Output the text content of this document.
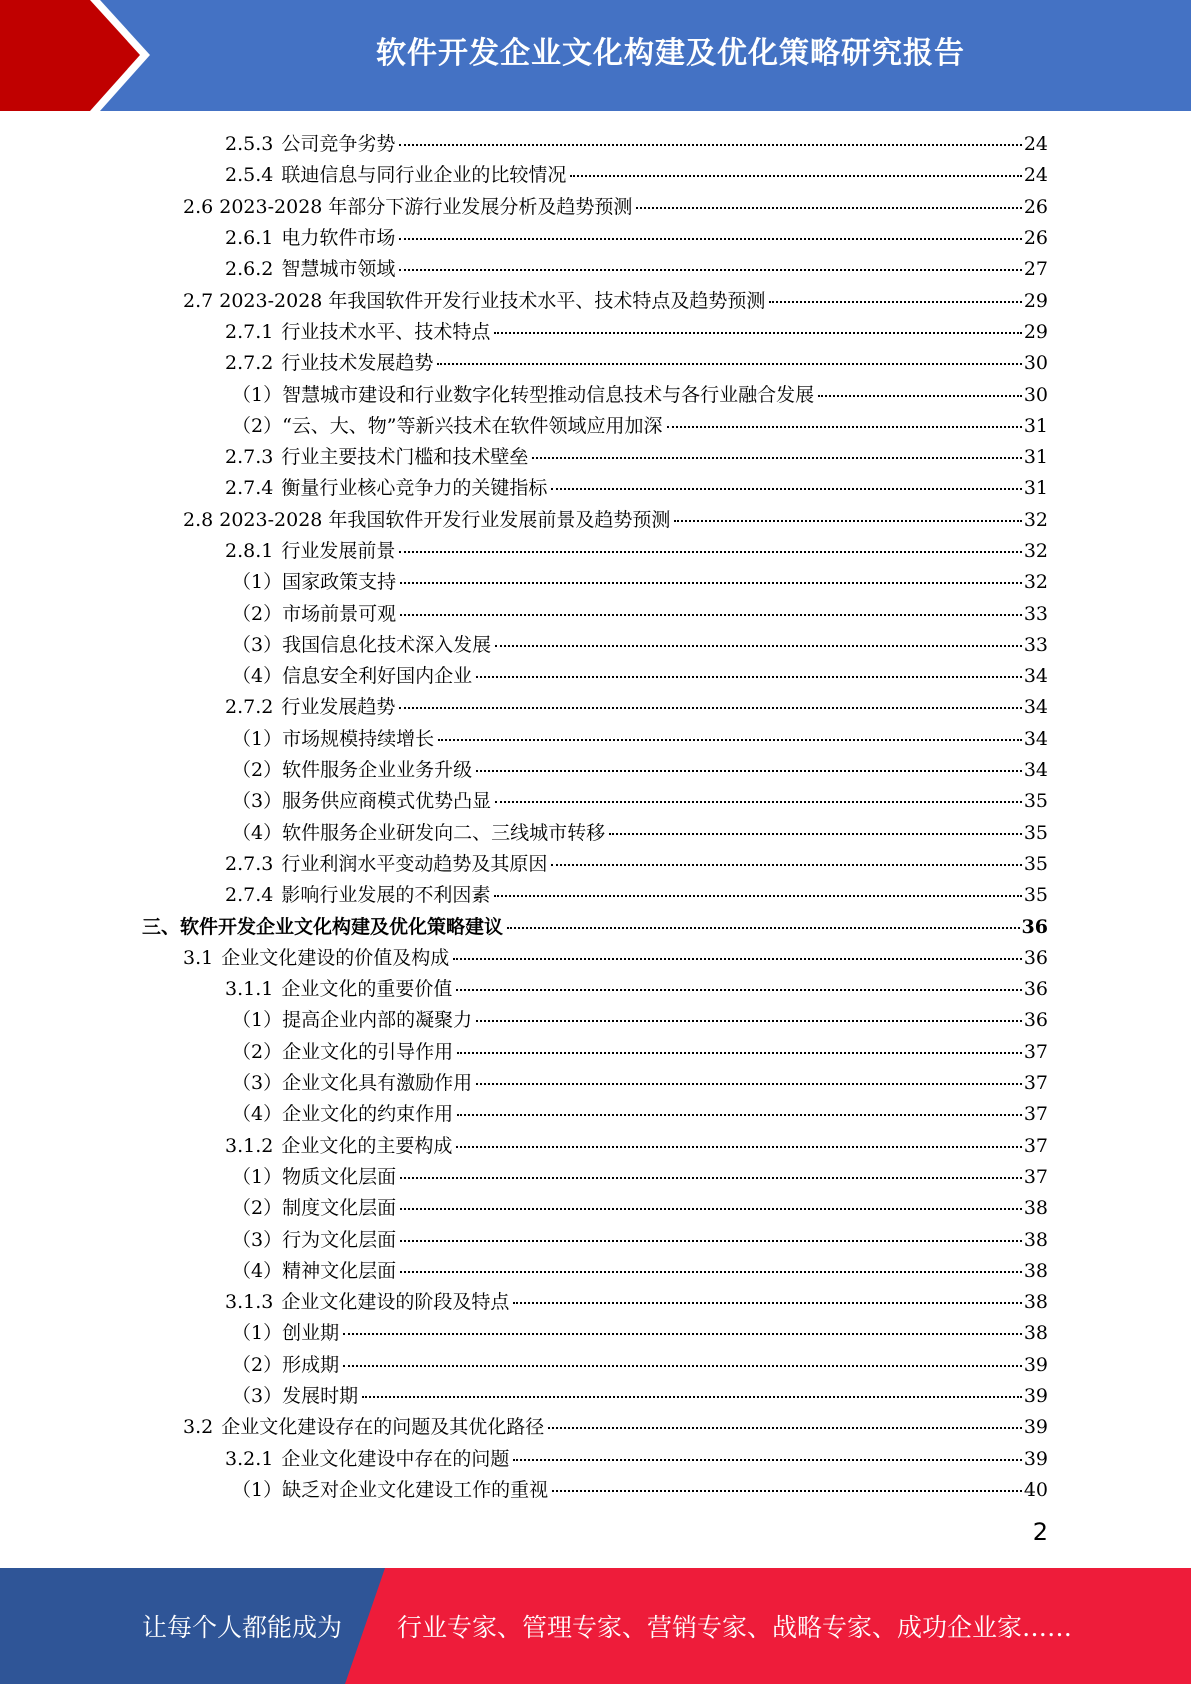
软件开发企业文化构建及优化策略研究报告
2.5.3 公司竞争劣势	24
2.5.4 联迪信息与同行业企业的比较情况	24
2.6 2023-2028 年部分下游行业发展分析及趋势预测	26
2.6.1 电力软件市场	26
2.6.2 智慧城市领域	27
2.7 2023-2028 年我国软件开发行业技术水平、技术特点及趋势预测	29
2.7.1 行业技术水平、技术特点	29
2.7.2 行业技术发展趋势	30
（1）智慧城市建设和行业数字化转型推动信息技术与各行业融合发展	30
（2）“云、大、物”等新兴技术在软件领域应用加深	31
2.7.3 行业主要技术门槛和技术壁垒	31
2.7.4 衡量行业核心竞争力的关键指标	31
2.8 2023-2028 年我国软件开发行业发展前景及趋势预测	32
2.8.1 行业发展前景	32
（1）国家政策支持	32
（2）市场前景可观	33
（3）我国信息化技术深入发展	33
（4）信息安全利好国内企业	34
2.7.2 行业发展趋势	34
（1）市场规模持续增长	34
（2）软件服务企业业务升级	34
（3）服务供应商模式优势凸显	35
（4）软件服务企业研发向二、三线城市转移	35
2.7.3 行业利润水平变动趋势及其原因	35
2.7.4 影响行业发展的不利因素	35
三、软件开发企业文化构建及优化策略建议	36
3.1 企业文化建设的价值及构成	36
3.1.1 企业文化的重要价值	36
（1）提高企业内部的凝聚力	36
（2）企业文化的引导作用	37
（3）企业文化具有激励作用	37
（4）企业文化的约束作用	37
3.1.2 企业文化的主要构成	37
（1）物质文化层面	37
（2）制度文化层面	38
（3）行为文化层面	38
（4）精神文化层面	38
3.1.3 企业文化建设的阶段及特点	38
（1）创业期	38
（2）形成期	39
（3）发展时期	39
3.2 企业文化建设存在的问题及其优化路径	39
3.2.1 企业文化建设中存在的问题	39
（1）缺乏对企业文化建设工作的重视	40
2
让每个人都能成为 行业专家、管理专家、营销专家、战略专家、成功企业家……
